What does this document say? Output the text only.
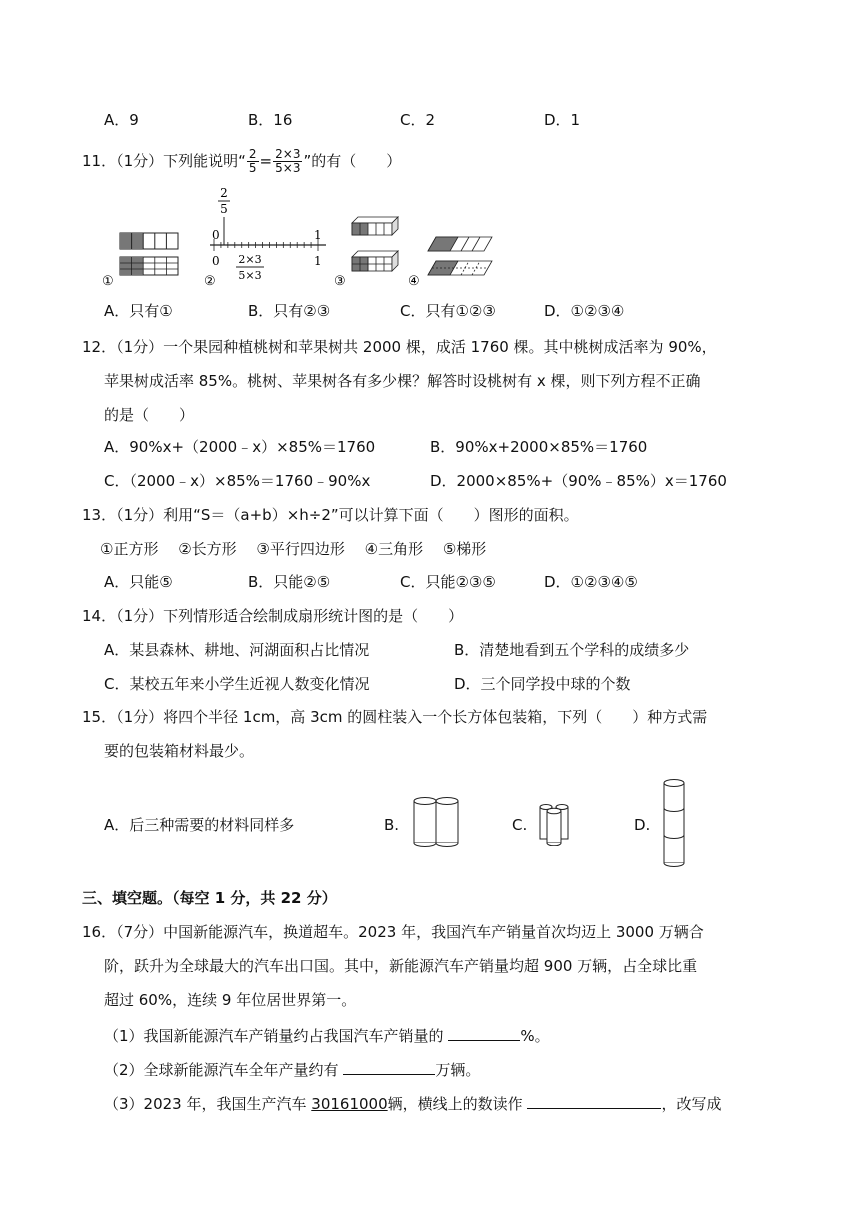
A．9	B．16	C．2	D．1
11．（1分）下列能说明“ $\frac{2}{5} = \frac{2\times 3}{5\times 3}$ ”的有（　　）
①
2
5
0	1
0	1
2×3
5×3
②	③	④
A．只有①	B．只有②③	C．只有①②③	D．①②③④
12．（1分）一个果园种植桃树和苹果树共 2000 棵，成活 1760 棵。其中桃树成活率为 90%，
苹果树成活率 85%。桃树、苹果树各有多少棵？解答时设桃树有 x 棵，则下列方程不正确
的是（　　）
A．90%x+（2000﹣x）×85%＝1760	B．90%x+2000×85%＝1760
C．（2000﹣x）×85%＝1760﹣90%x	D．2000×85%+（90%﹣85%）x＝1760
13．（1分）利用“S＝（a+b）×h÷2”可以计算下面（　　）图形的面积。
①正方形　 ②长方形　 ③平行四边形　 ④三角形　 ⑤梯形
A．只能⑤	B．只能②⑤	C．只能②③⑤	D．①②③④⑤
14．（1分）下列情形适合绘制成扇形统计图的是（　　）
A．某县森林、耕地、河湖面积占比情况	B．清楚地看到五个学科的成绩多少
C．某校五年来小学生近视人数变化情况	D．三个同学投中球的个数
15．（1分）将四个半径 1cm，高 3cm 的圆柱装入一个长方体包装箱，下列（　　）种方式需
要的包装箱材料最少。
A．后三种需要的材料同样多	B.	C.	D.
三、填空题。（每空 1 分，共 22 分）
16．（7分）中国新能源汽车，换道超车。2023 年，我国汽车产销量首次均迈上 3000 万辆合
阶，跃升为全球最大的汽车出口国。其中，新能源汽车产销量均超 900 万辆，占全球比重
超过 60%，连续 9 年位居世界第一。
（1）我国新能源汽车产销量约占我国汽车产销量的	%。
（2）全球新能源汽车全年产量约有	万辆。
（3）2023 年，我国生产汽车 30161000辆，横线上的数读作	，改写成
